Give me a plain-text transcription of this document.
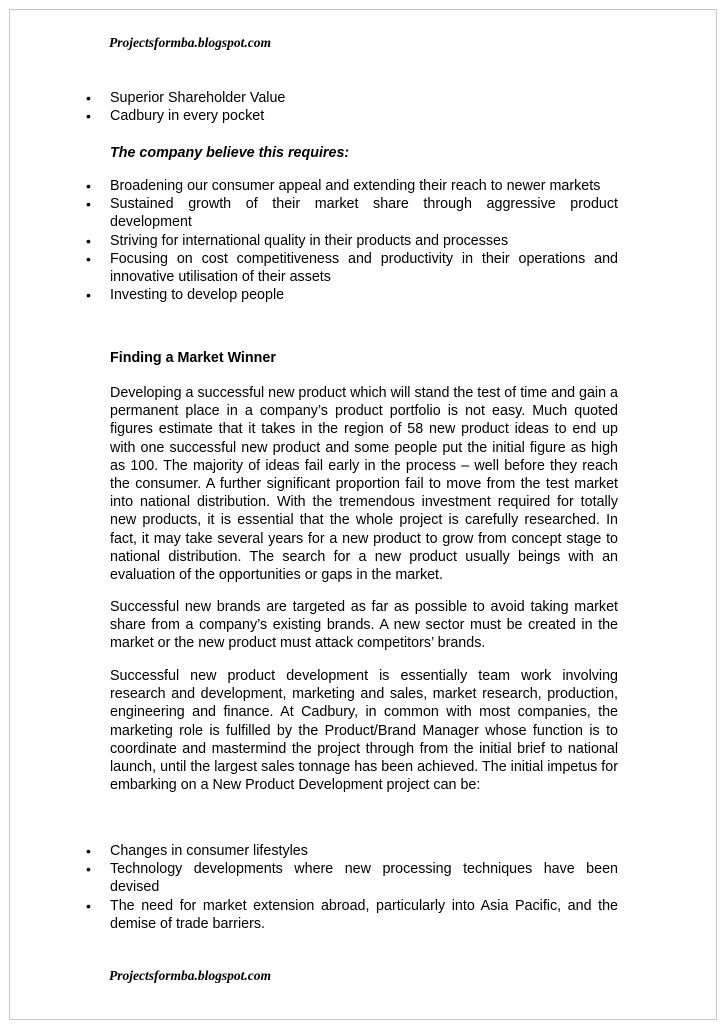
Projectsformba.blogspot.com

• Superior Shareholder Value
• Cadbury in every pocket

The company believe this requires:

• Broadening our consumer appeal and extending their reach to newer markets
• Sustained growth of their market share through aggressive product development
• Striving for international quality in their products and processes
• Focusing on cost competitiveness and productivity in their operations and innovative utilisation of their assets
• Investing to develop people

Finding a Market Winner

Developing a successful new product which will stand the test of time and gain a permanent place in a company’s product portfolio is not easy. Much quoted figures estimate that it takes in the region of 58 new product ideas to end up with one successful new product and some people put the initial figure as high as 100. The majority of ideas fail early in the process – well before they reach the consumer. A further significant proportion fail to move from the test market into national distribution. With the tremendous investment required for totally new products, it is essential that the whole project is carefully researched. In fact, it may take several years for a new product to grow from concept stage to national distribution. The search for a new product usually beings with an evaluation of the opportunities or gaps in the market.

Successful new brands are targeted as far as possible to avoid taking market share from a company’s existing brands. A new sector must be created in the market or the new product must attack competitors’ brands.

Successful new product development is essentially team work involving research and development, marketing and sales, market research, production, engineering and finance. At Cadbury, in common with most companies, the marketing role is fulfilled by the Product/Brand Manager whose function is to coordinate and mastermind the project through from the initial brief to national launch, until the largest sales tonnage has been achieved. The initial impetus for embarking on a New Product Development project can be:

• Changes in consumer lifestyles
• Technology developments where new processing techniques have been devised
• The need for market extension abroad, particularly into Asia Pacific, and the demise of trade barriers.

Projectsformba.blogspot.com
